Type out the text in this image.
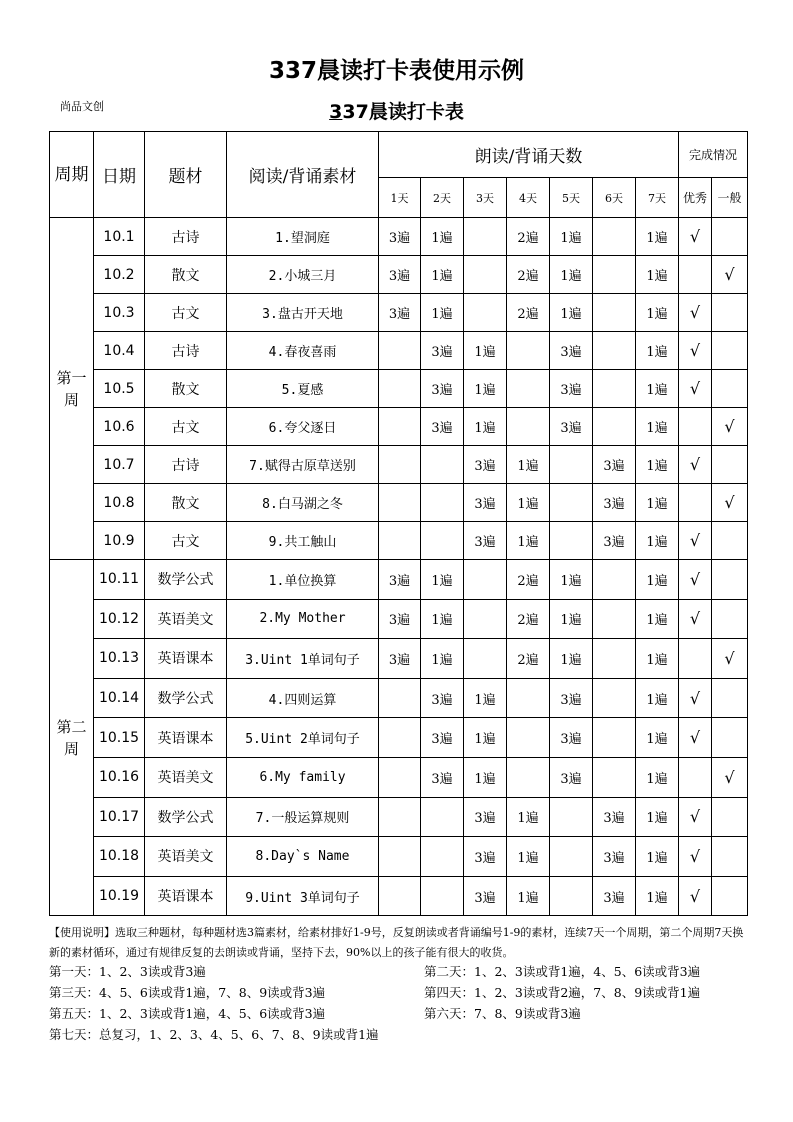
337晨读打卡表使用示例
尚品文创	337晨读打卡表
周期	日期	题材	阅读/背诵素材	朗读/背诵天数							完成情况	
				1天	2天	3天	4天	5天	6天	7天	优秀	一般
第一周	10.1	古诗	1.望洞庭	3遍	1遍		2遍	1遍		1遍	√	
	10.2	散文	2.小城三月	3遍	1遍		2遍	1遍		1遍		√
	10.3	古文	3.盘古开天地	3遍	1遍		2遍	1遍		1遍	√	
	10.4	古诗	4.春夜喜雨		3遍	1遍		3遍		1遍	√	
	10.5	散文	5.夏感		3遍	1遍		3遍		1遍	√	
	10.6	古文	6.夸父逐日		3遍	1遍		3遍		1遍		√
	10.7	古诗	7.赋得古原草送别			3遍	1遍		3遍	1遍	√	
	10.8	散文	8.白马湖之冬			3遍	1遍		3遍	1遍		√
	10.9	古文	9.共工触山			3遍	1遍		3遍	1遍	√	
第二周	10.11	数学公式	1.单位换算	3遍	1遍		2遍	1遍		1遍	√	
	10.12	英语美文	2.My Mother	3遍	1遍		2遍	1遍		1遍	√	
	10.13	英语课本	3.Uint 1单词句子	3遍	1遍		2遍	1遍		1遍		√
	10.14	数学公式	4.四则运算		3遍	1遍		3遍		1遍	√	
	10.15	英语课本	5.Uint 2单词句子		3遍	1遍		3遍		1遍	√	
	10.16	英语美文	6.My family		3遍	1遍		3遍		1遍		√
	10.17	数学公式	7.一般运算规则			3遍	1遍		3遍	1遍	√	
	10.18	英语美文	8.Day`s Name			3遍	1遍		3遍	1遍	√	
	10.19	英语课本	9.Uint 3单词句子			3遍	1遍		3遍	1遍	√	
【使用说明】选取三种题材，每种题材选3篇素材，给素材排好1-9号，反复朗读或者背诵编号1-9的素材，连续7天一个周期，第二个周期7天换新的素材循环，通过有规律反复的去朗读或背诵，坚持下去，90%以上的孩子能有很大的收货。
第一天：1、2、3读或背3遍	第二天：1、2、3读或背1遍，4、5、6读或背3遍
第三天：4、5、6读或背1遍，7、8、9读或背3遍	第四天：1、2、3读或背2遍，7、8、9读或背1遍
第五天：1、2、3读或背1遍，4、5、6读或背3遍	第六天：7、8、9读或背3遍
第七天：总复习，1、2、3、4、5、6、7、8、9读或背1遍
